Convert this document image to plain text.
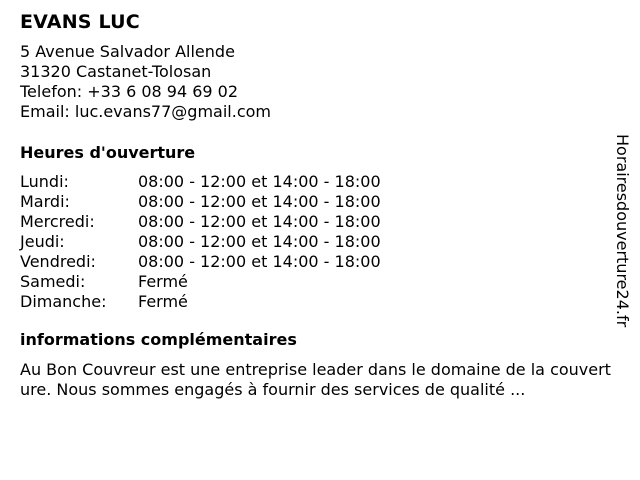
EVANS LUC
5 Avenue Salvador Allende
31320 Castanet-Tolosan
Telefon: +33 6 08 94 69 02
Email: luc.evans77@gmail.com
Heures d'ouverture
Lundi:	08:00 - 12:00 et 14:00 - 18:00
Mardi:	08:00 - 12:00 et 14:00 - 18:00
Mercredi:	08:00 - 12:00 et 14:00 - 18:00
Jeudi:	08:00 - 12:00 et 14:00 - 18:00
Vendredi:	08:00 - 12:00 et 14:00 - 18:00
Samedi:	Fermé
Dimanche:	Fermé
informations complémentaires
Au Bon Couvreur est une entreprise leader dans le domaine de la couverture. Nous sommes engagés à fournir des services de qualité ...
Horairesdouverture24.fr
